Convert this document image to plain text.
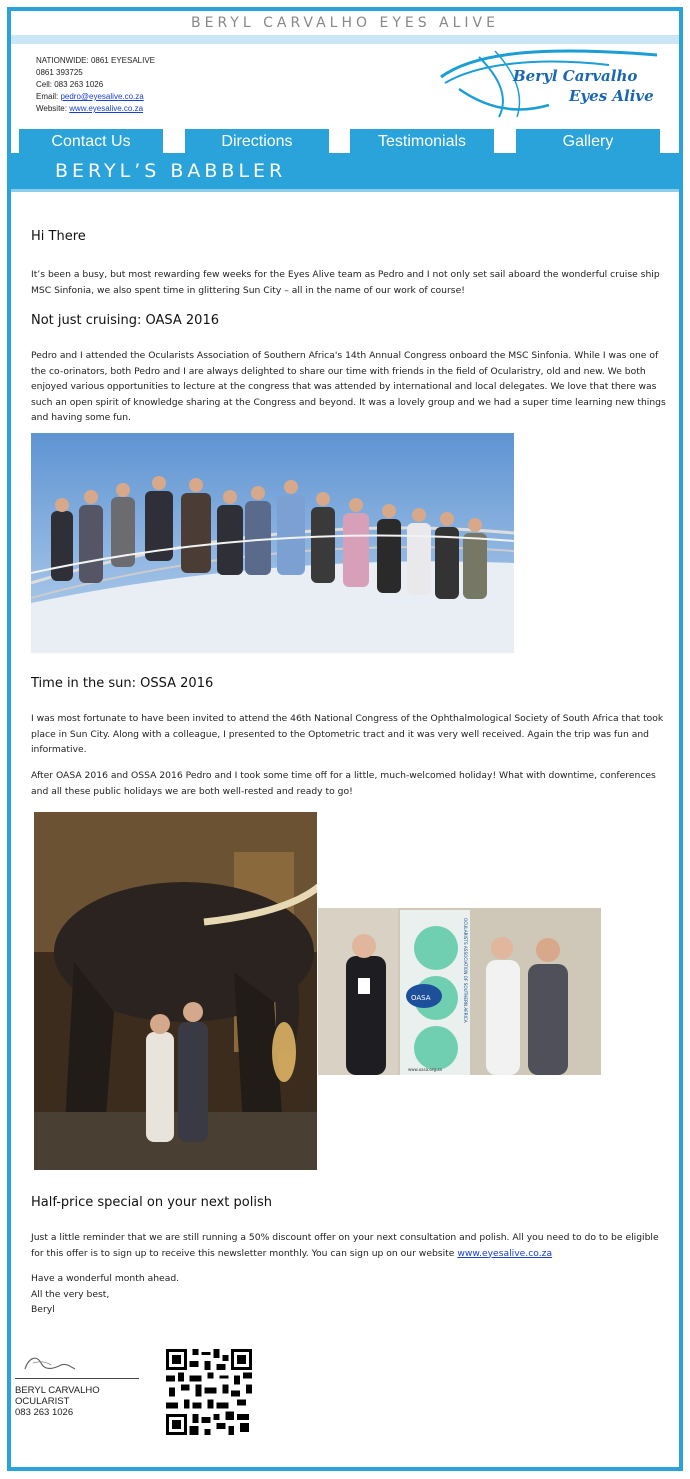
BERYL CARVALHO EYES ALIVE
NATIONWIDE: 0861 EYESALIVE
0861 393725
Cell: 083 263 1026
Email: pedro@eyesalive.co.za
Website: www.eyesalive.co.za
Beryl Carvalho
Eyes Alive
Contact Us	Directions	Testimonials	Gallery
BERYL’S BABBLER
Hi There

It’s been a busy, but most rewarding few weeks for the Eyes Alive team as Pedro and I not only set sail aboard the wonderful cruise ship MSC Sinfonia, we also spent time in glittering Sun City – all in the name of our work of course!

Not just cruising: OASA 2016

Pedro and I attended the Ocularists Association of Southern Africa's 14th Annual Congress onboard the MSC Sinfonia. While I was one of the co-orinators, both Pedro and I are always delighted to share our time with friends in the field of Ocularistry, old and new. We both enjoyed various opportunities to lecture at the congress that was attended by international and local delegates. We love that there was such an open spirit of knowledge sharing at the Congress and beyond. It was a lovely group and we had a super time learning new things and having some fun.

Time in the sun: OSSA 2016

I was most fortunate to have been invited to attend the 46th National Congress of the Ophthalmological Society of South Africa that took place in Sun City. Along with a colleague, I presented to the Optometric tract and it was very well received. Again the trip was fun and informative.

After OASA 2016 and OSSA 2016 Pedro and I took some time off for a little, much-welcomed holiday! What with downtime, conferences and all these public holidays we are both well-rested and ready to go!

OASA	OCULARISTS ASSOCIATION OF SOUTHERN AFRICA
www.oasa.org.za
Half-price special on your next polish

Just a little reminder that we are still running a 50% discount offer on your next consultation and polish. All you need to do to be eligible for this offer is to sign up to receive this newsletter monthly. You can sign up on our website www.eyesalive.co.za

Have a wonderful month ahead.
All the very best,
Beryl

BERYL CARVALHO
OCULARIST
083 263 1026
